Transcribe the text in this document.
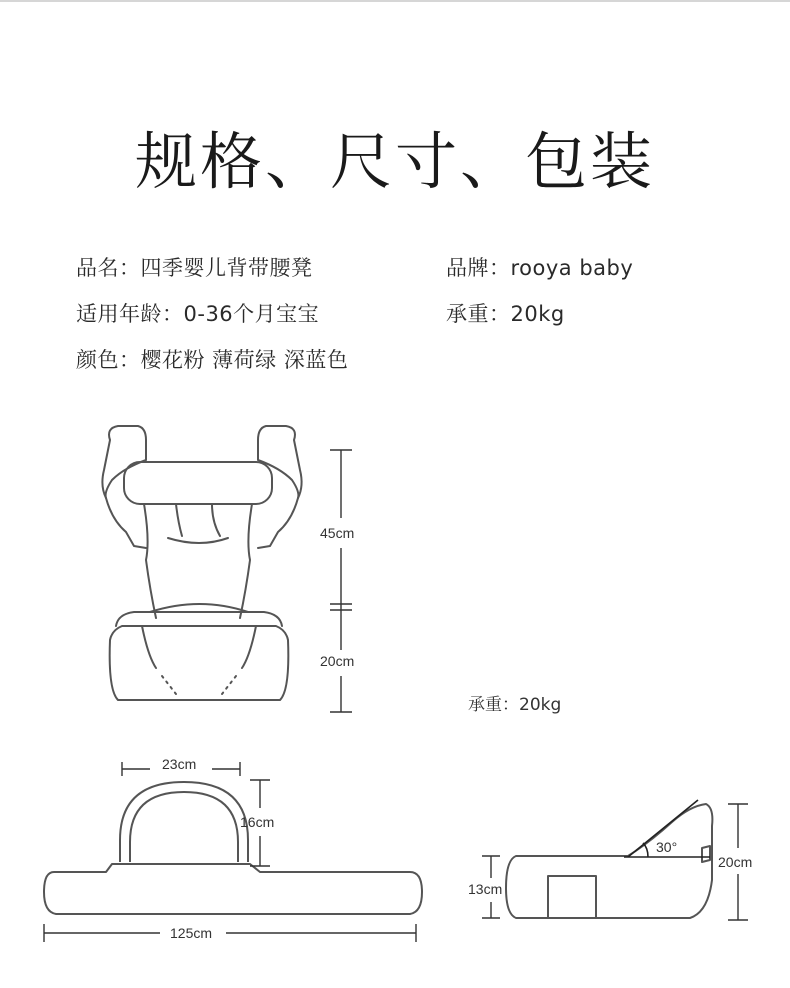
规格、尺寸、包装
品名：四季婴儿背带腰凳	品牌：rooya baby
适用年龄：0-36个月宝宝	承重：20kg
颜色：樱花粉 薄荷绿 深蓝色
45cm
20cm
23cm
16cm
125cm
30°
20cm
13cm
承重：20kg
